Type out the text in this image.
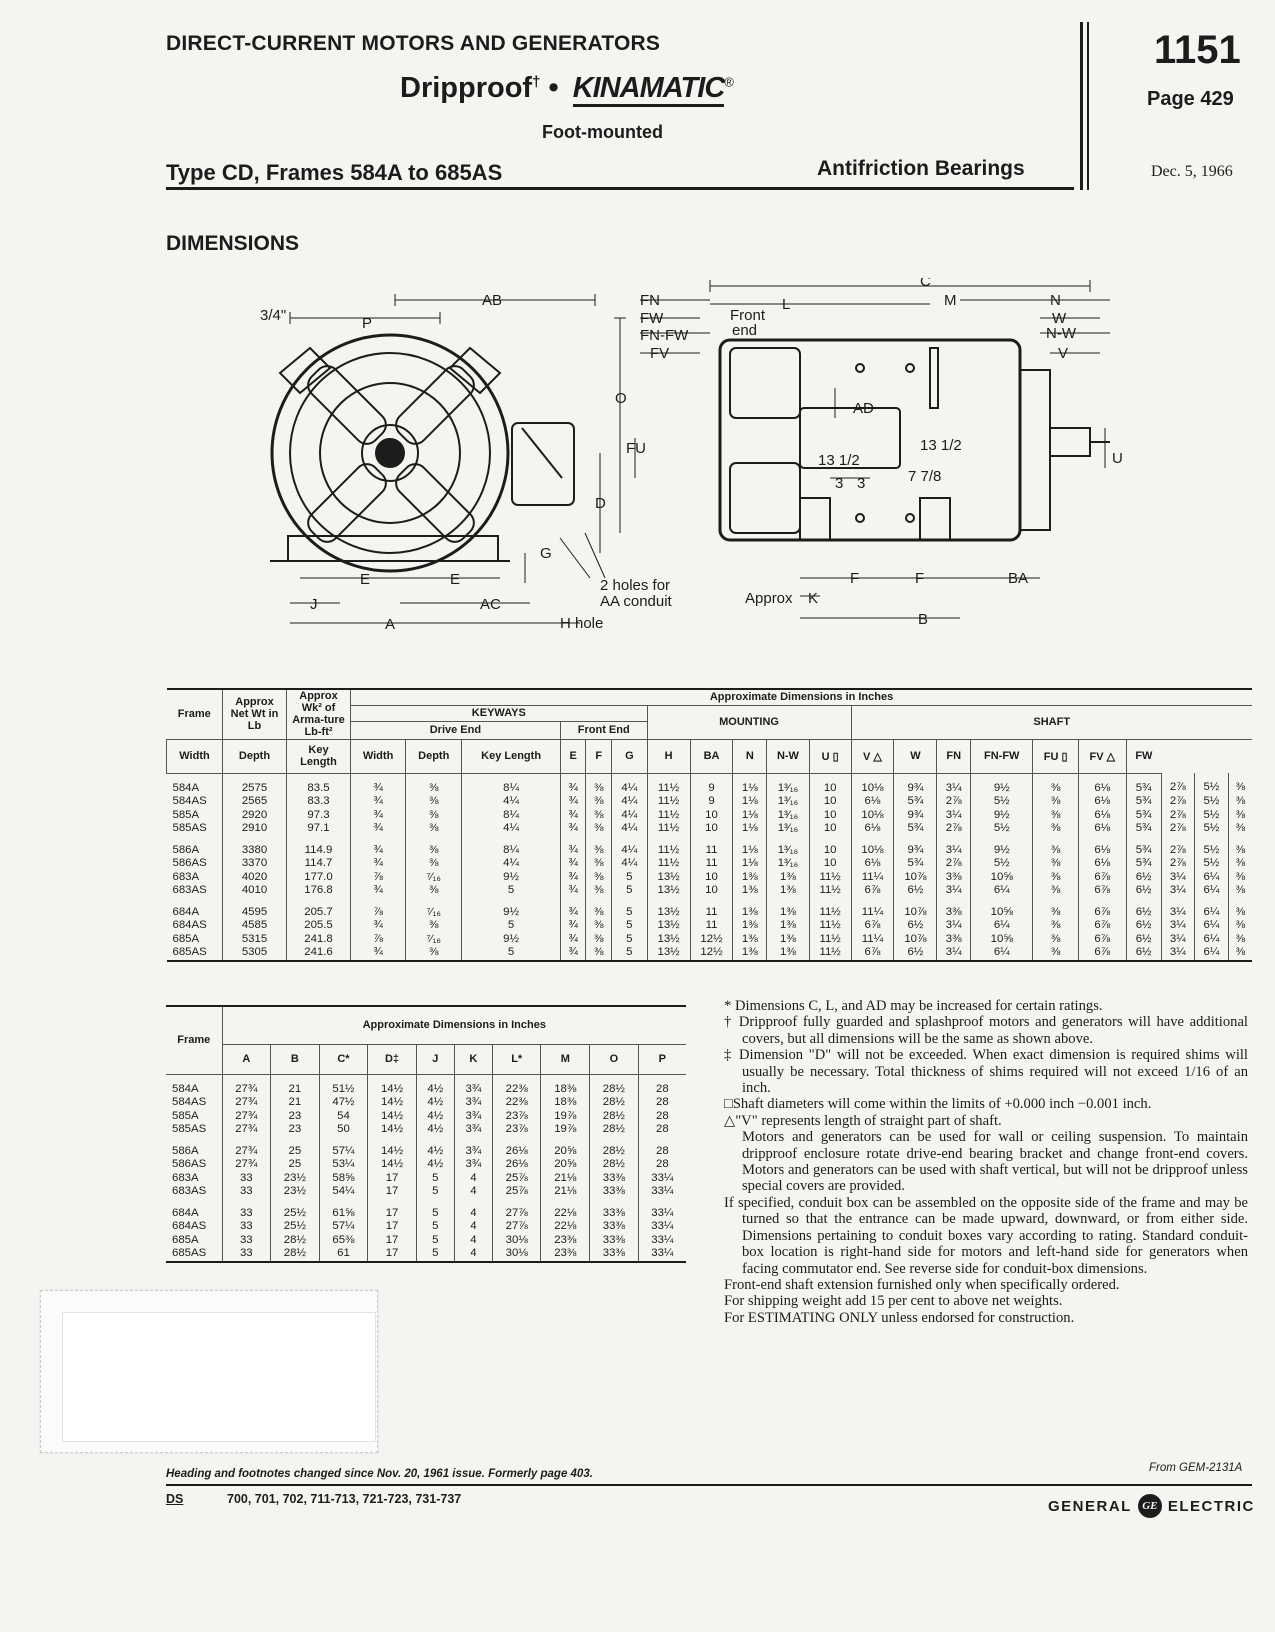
DIRECT-CURRENT MOTORS AND GENERATORS
Dripproof† • KINAMATIC®
Foot-mounted
Type CD, Frames 584A to 685AS	Antifriction Bearings
1151
Page 429
Dec. 5, 1966
DIMENSIONS
3/4"	P
AB
O
FU
D
G
E	E
J	AC
A
2 holes for
AA conduit
H hole
FN
FW
FN-FW
FV
Front
end
L
C
M	N
W
N-W
V
AD
13 1/2
13 1/2
7 7/8
3 3
U
F	F	BA
Approx K
B
Frame	Approx Net Wt in Lb	Approx Wk² of Arma-ture Lb-ft²	Approximate Dimensions in Inches																				
			KEYWAYS						MOUNTING					SHAFT									
			Drive End			Front End																	
Width	Depth	Key Length	Width	Depth	Key Length	E	F	G	H	BA	N	N-W	U ▯	V △	W	FN	FN-FW	FU ▯	FV △	FW			
584A	2575	83.5	¾	⅜	8¼	¾	⅜	4¼	11½	9	1⅛	1³⁄₁₆	10	10⅛	9¾	3¼	9½	⅜	6⅛	5¾	2⅞	5½	⅜
584AS	2565	83.3	¾	⅜	4¼	¾	⅜	4¼	11½	9	1⅛	1³⁄₁₆	10	6⅛	5¾	2⅞	5½	⅜	6⅛	5¾	2⅞	5½	⅜
585A	2920	97.3	¾	⅜	8¼	¾	⅜	4¼	11½	10	1⅛	1³⁄₁₆	10	10⅛	9¾	3¼	9½	⅜	6⅛	5¾	2⅞	5½	⅜
585AS	2910	97.1	¾	⅜	4¼	¾	⅜	4¼	11½	10	1⅛	1³⁄₁₆	10	6⅛	5¾	2⅞	5½	⅜	6⅛	5¾	2⅞	5½	⅜
586A	3380	114.9	¾	⅜	8¼	¾	⅜	4¼	11½	11	1⅛	1³⁄₁₆	10	10⅛	9¾	3¼	9½	⅜	6⅛	5¾	2⅞	5½	⅜
586AS	3370	114.7	¾	⅜	4¼	¾	⅜	4¼	11½	11	1⅛	1³⁄₁₆	10	6⅛	5¾	2⅞	5½	⅜	6⅛	5¾	2⅞	5½	⅜
683A	4020	177.0	⅞	⁷⁄₁₆	9½	¾	⅜	5	13½	10	1⅜	1⅜	11½	11¼	10⅞	3⅜	10⅝	⅜	6⅞	6½	3¼	6¼	⅜
683AS	4010	176.8	¾	⅜	5	¾	⅜	5	13½	10	1⅜	1⅜	11½	6⅞	6½	3¼	6¼	⅜	6⅞	6½	3¼	6¼	⅜
684A	4595	205.7	⅞	⁷⁄₁₆	9½	¾	⅜	5	13½	11	1⅜	1⅜	11½	11¼	10⅞	3⅜	10⅝	⅜	6⅞	6½	3¼	6¼	⅜
684AS	4585	205.5	¾	⅜	5	¾	⅜	5	13½	11	1⅜	1⅜	11½	6⅞	6½	3¼	6¼	⅜	6⅞	6½	3¼	6¼	⅜
685A	5315	241.8	⅞	⁷⁄₁₆	9½	¾	⅜	5	13½	12½	1⅜	1⅜	11½	11¼	10⅞	3⅜	10⅝	⅜	6⅞	6½	3¼	6¼	⅜
685AS	5305	241.6	¾	⅜	5	¾	⅜	5	13½	12½	1⅜	1⅜	11½	6⅞	6½	3¼	6¼	⅜	6⅞	6½	3¼	6¼	⅜
Frame	Approximate Dimensions in Inches									
	A	B	C*	D‡	J	K	L*	M	O	P
584A	27¾	21	51½	14½	4½	3¾	22⅜	18⅜	28½	28
584AS	27¾	21	47½	14½	4½	3¾	22⅜	18⅜	28½	28
585A	27¾	23	54	14½	4½	3¾	23⅞	19⅞	28½	28
585AS	27¾	23	50	14½	4½	3¾	23⅞	19⅞	28½	28
586A	27¾	25	57¼	14½	4½	3¾	26⅛	20⅝	28½	28
586AS	27¾	25	53¼	14½	4½	3¾	26⅛	20⅝	28½	28
683A	33	23½	58⅝	17	5	4	25⅞	21⅛	33⅜	33¼
683AS	33	23½	54¼	17	5	4	25⅞	21⅛	33⅜	33¼
684A	33	25½	61⅝	17	5	4	27⅞	22⅛	33⅜	33¼
684AS	33	25½	57¼	17	5	4	27⅞	22⅛	33⅜	33¼
685A	33	28½	65⅜	17	5	4	30⅛	23⅜	33⅜	33¼
685AS	33	28½	61	17	5	4	30⅛	23⅜	33⅜	33¼

* Dimensions C, L, and AD may be increased for certain ratings.

† Dripproof fully guarded and splashproof motors and generators will have additional covers, but all dimensions will be the same as shown above.

‡ Dimension "D" will not be exceeded. When exact dimension is required shims will usually be necessary. Total thickness of shims required will not exceed 1/16 of an inch.

□Shaft diameters will come within the limits of +0.000 inch −0.001 inch.

△"V" represents length of straight part of shaft.

Motors and generators can be used for wall or ceiling suspension. To maintain dripproof enclosure rotate drive-end bearing bracket and change front-end covers. Motors and generators can be used with shaft vertical, but will not be dripproof unless special covers are provided.

If specified, conduit box can be assembled on the opposite side of the frame and may be turned so that the entrance can be made upward, downward, or from either side. Dimensions pertaining to conduit boxes vary according to rating. Standard conduit-box location is right-hand side for motors and left-hand side for generators when facing commutator end. See reverse side for conduit-box dimensions.

Front-end shaft extension furnished only when specifically ordered.

For shipping weight add 15 per cent to above net weights.

For ESTIMATING ONLY unless endorsed for construction.

Heading and footnotes changed since Nov. 20, 1961 issue. Formerly page 403.	From GEM-2131A
DS	700, 701, 702, 711-713, 721-723, 731-737	GENERAL GE ELECTRIC
